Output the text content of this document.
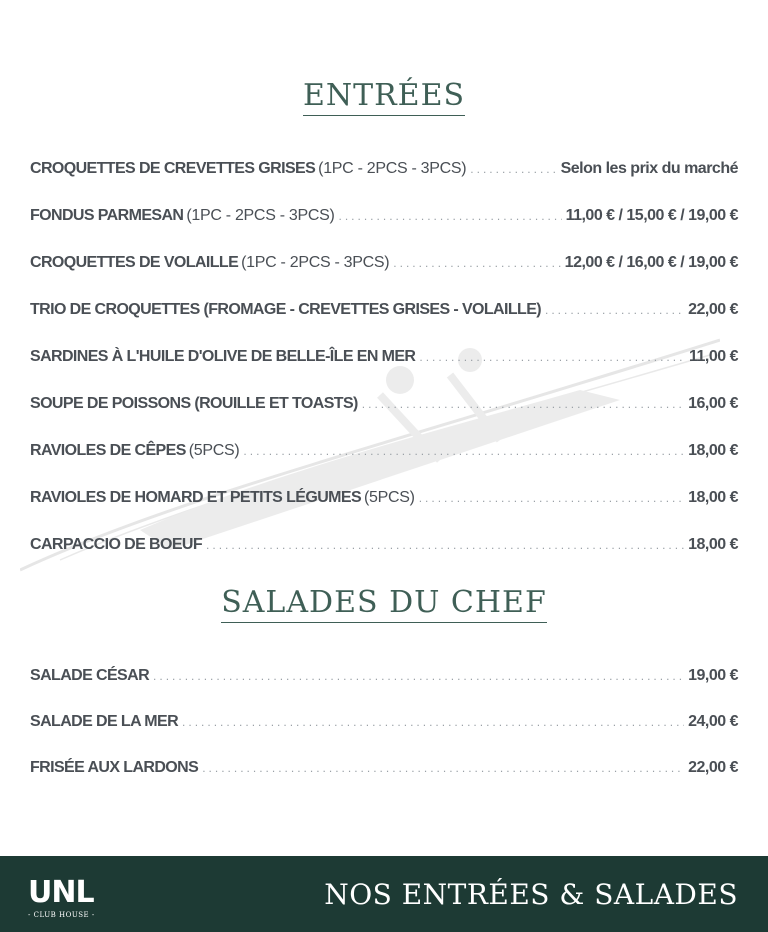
ENTRÉES
CROQUETTES DE CREVETTES GRISES (1PC - 2PCS - 3PCS) .....	Selon les prix du marché
FONDUS PARMESAN (1PC - 2PCS - 3PCS) .....	11,00 € / 15,00 € / 19,00 €
CROQUETTES DE VOLAILLE (1PC - 2PCS - 3PCS) .....	12,00 € / 16,00 € / 19,00 €
TRIO DE CROQUETTES (FROMAGE - CREVETTES GRISES - VOLAILLE) .....	22,00 €
SARDINES À L'HUILE D'OLIVE DE BELLE-ÎLE EN MER .....	11,00 €
SOUPE DE POISSONS (ROUILLE ET TOASTS) .....	16,00 €
RAVIOLES DE CÊPES (5PCS) .....	18,00 €
RAVIOLES DE HOMARD ET PETITS LÉGUMES (5PCS) .....	18,00 €
CARPACCIO DE BOEUF .....	18,00 €
SALADES DU CHEF
SALADE CÉSAR .....	19,00 €
SALADE DE LA MER .....	24,00 €
FRISÉE AUX LARDONS .....	22,00 €
UNL
- CLUB HOUSE -
NOS ENTRÉES & SALADES
